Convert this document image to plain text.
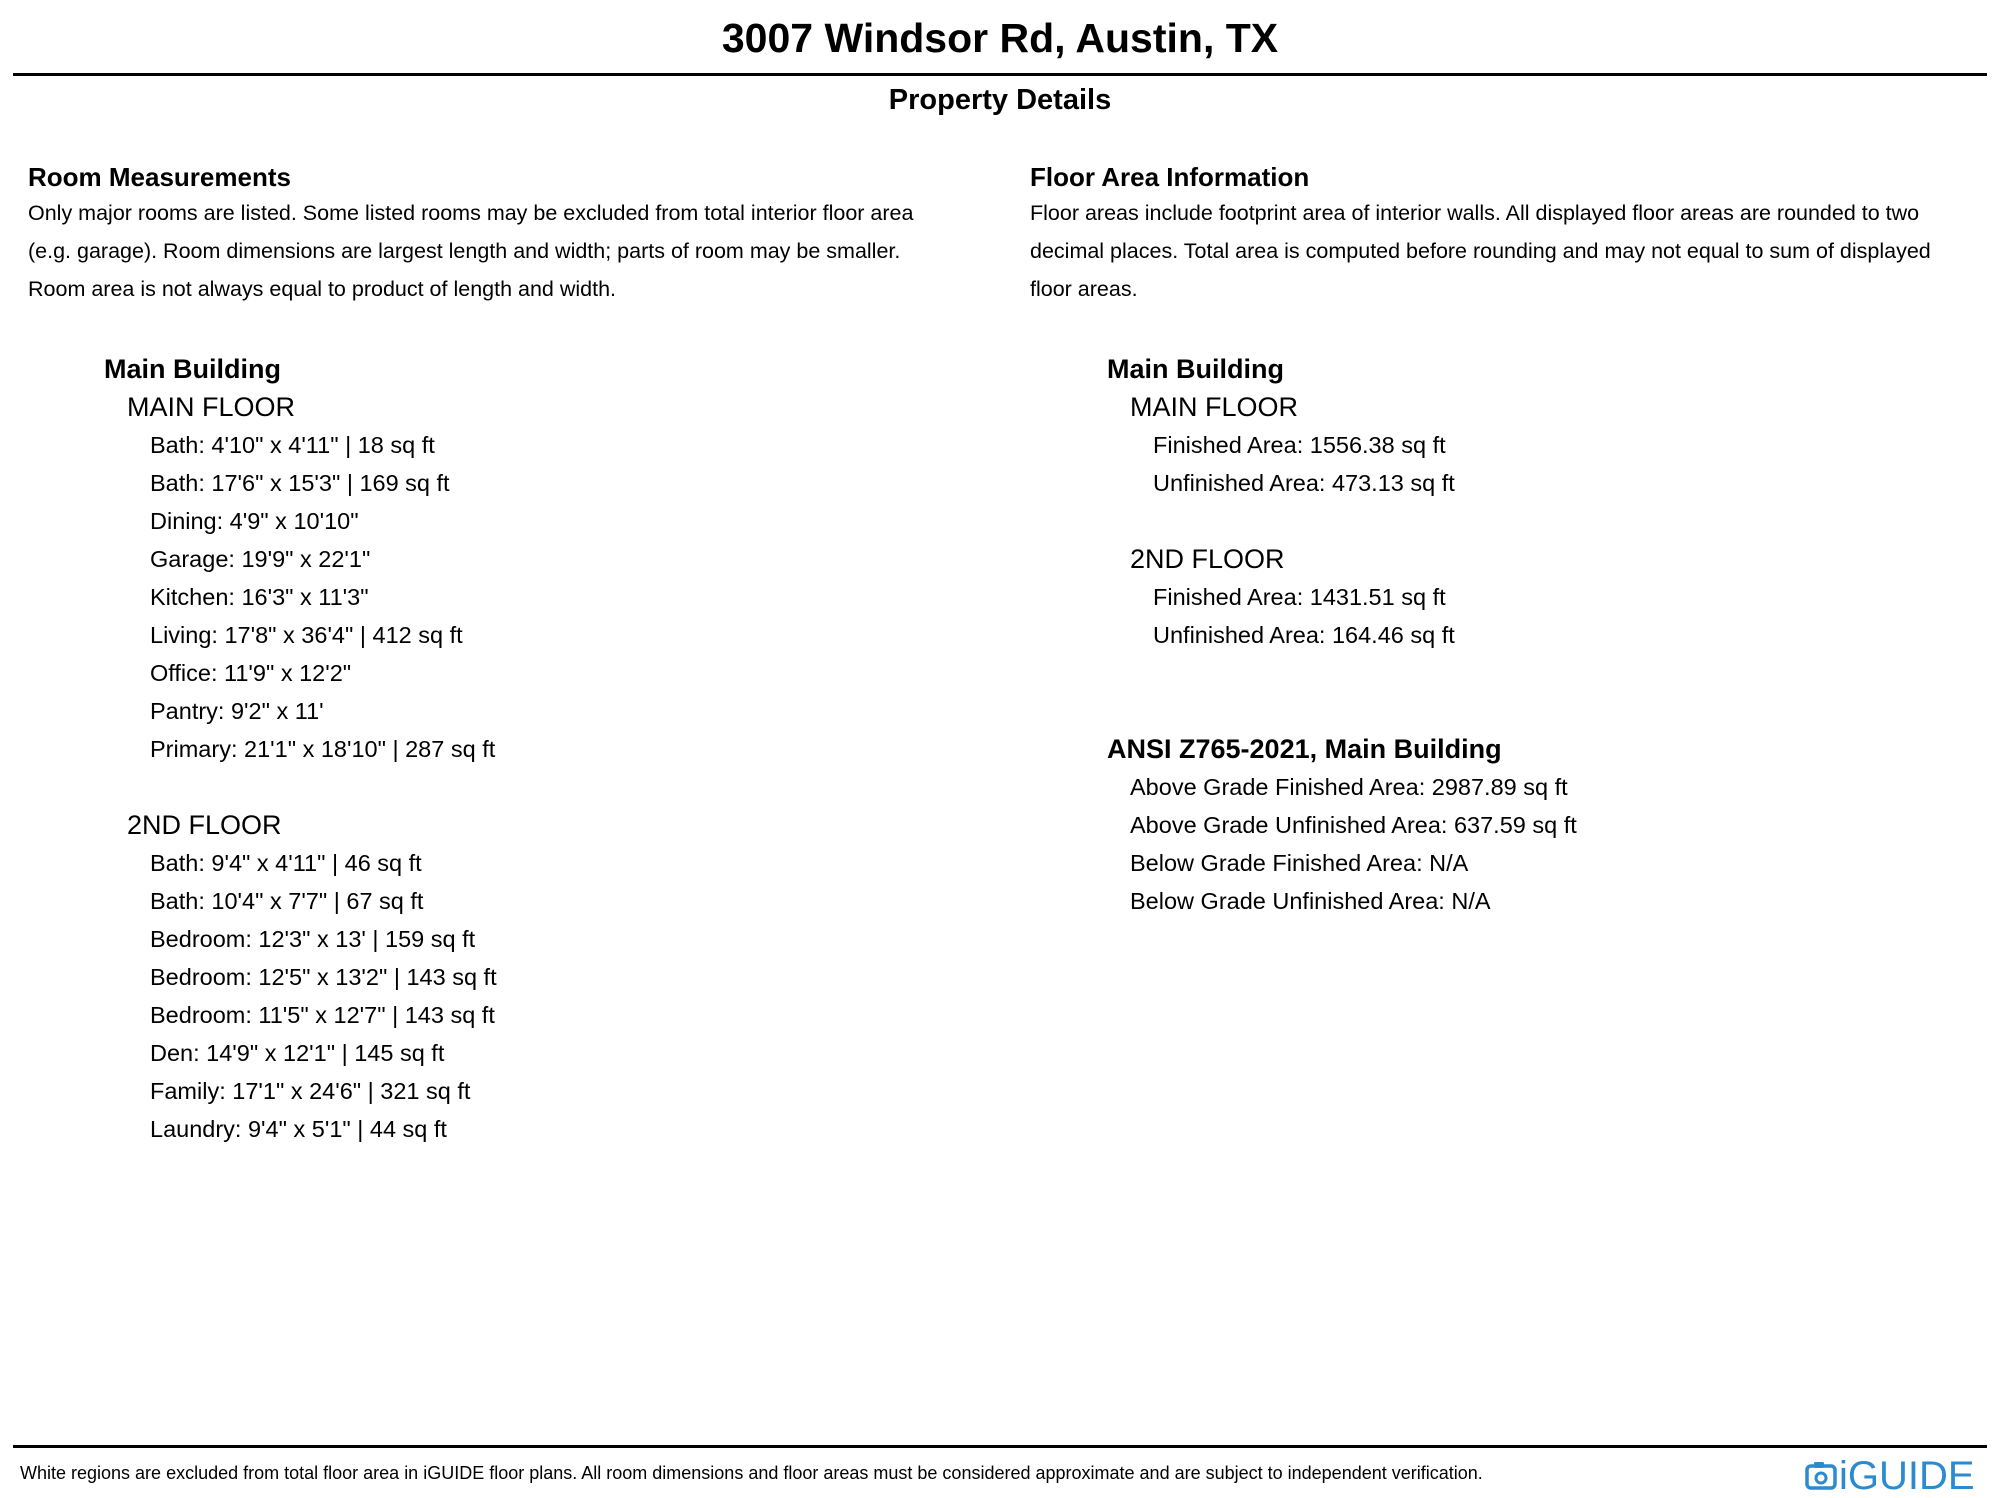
3007 Windsor Rd, Austin, TX
Property Details

Room Measurements

Only major rooms are listed. Some listed rooms may be excluded from total interior floor area

(e.g. garage). Room dimensions are largest length and width; parts of room may be smaller.

Room area is not always equal to product of length and width.

Main Building
MAIN FLOOR
Bath: 4'10" x 4'11" | 18 sq ft
Bath: 17'6" x 15'3" | 169 sq ft
Dining: 4'9" x 10'10"
Garage: 19'9" x 22'1"
Kitchen: 16'3" x 11'3"
Living: 17'8" x 36'4" | 412 sq ft
Office: 11'9" x 12'2"
Pantry: 9'2" x 11'
Primary: 21'1" x 18'10" | 287 sq ft
2ND FLOOR
Bath: 9'4" x 4'11" | 46 sq ft
Bath: 10'4" x 7'7" | 67 sq ft
Bedroom: 12'3" x 13' | 159 sq ft
Bedroom: 12'5" x 13'2" | 143 sq ft
Bedroom: 11'5" x 12'7" | 143 sq ft
Den: 14'9" x 12'1" | 145 sq ft
Family: 17'1" x 24'6" | 321 sq ft
Laundry: 9'4" x 5'1" | 44 sq ft

Floor Area Information

Floor areas include footprint area of interior walls. All displayed floor areas are rounded to two

decimal places. Total area is computed before rounding and may not equal to sum of displayed

floor areas.

Main Building
MAIN FLOOR
Finished Area: 1556.38 sq ft
Unfinished Area: 473.13 sq ft
2ND FLOOR
Finished Area: 1431.51 sq ft
Unfinished Area: 164.46 sq ft
ANSI Z765-2021, Main Building
Above Grade Finished Area: 2987.89 sq ft
Above Grade Unfinished Area: 637.59 sq ft
Below Grade Finished Area: N/A
Below Grade Unfinished Area: N/A
White regions are excluded from total floor area in iGUIDE floor plans. All room dimensions and floor areas must be considered approximate and are subject to independent verification.	iGUIDE
